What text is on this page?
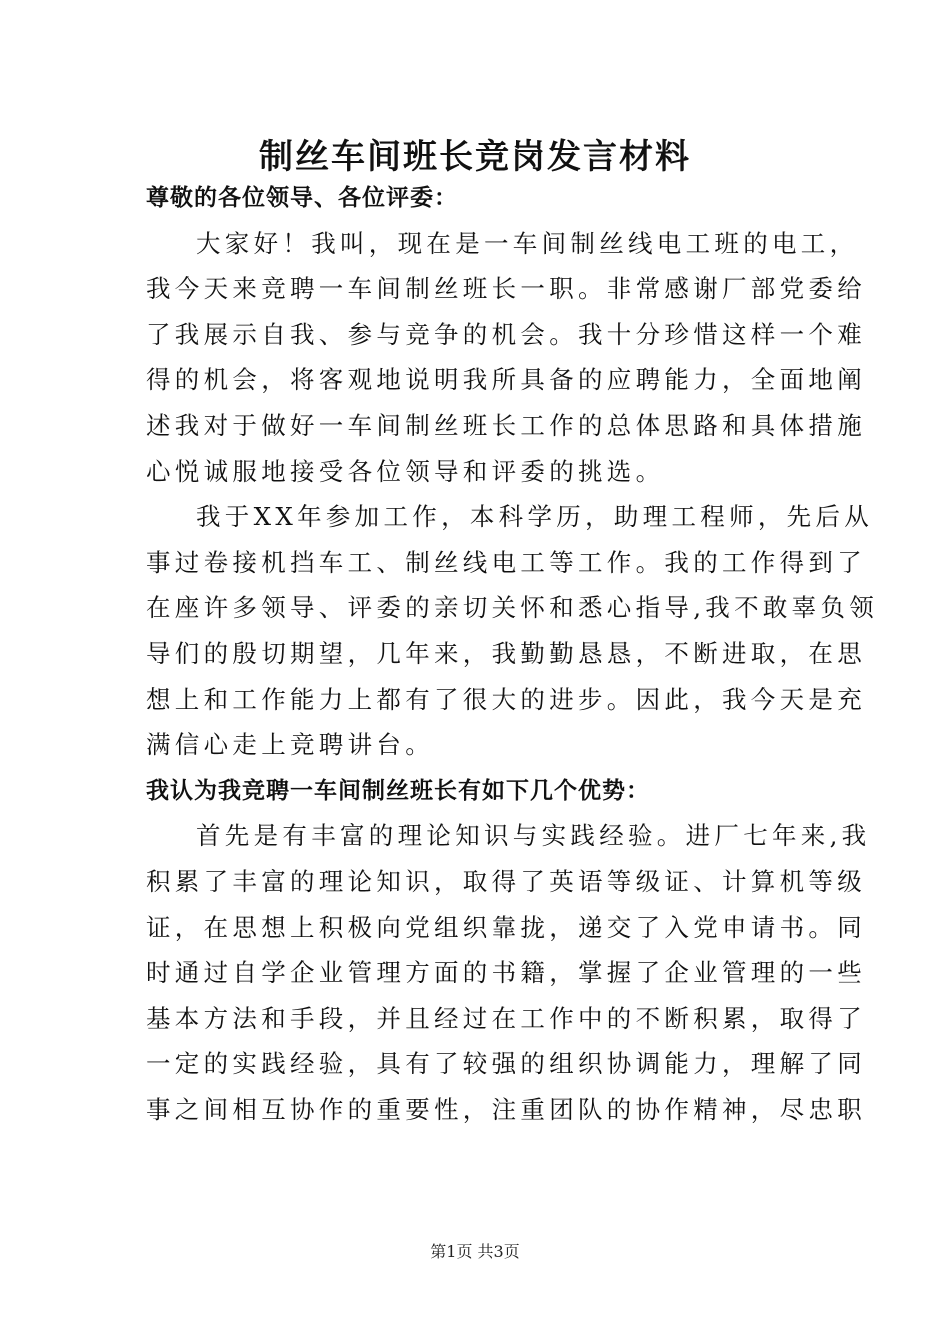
制丝车间班长竞岗发言材料
尊敬的各位领导、各位评委：
大家好！我叫，现在是一车间制丝线电工班的电工，
我今天来竞聘一车间制丝班长一职。非常感谢厂部党委给
了我展示自我、参与竞争的机会。我十分珍惜这样一个难
得的机会，将客观地说明我所具备的应聘能力，全面地阐
述我对于做好一车间制丝班长工作的总体思路和具体措施
心悦诚服地接受各位领导和评委的挑选。
我于XX年参加工作，本科学历，助理工程师，先后从
事过卷接机挡车工、制丝线电工等工作。我的工作得到了
在座许多领导、评委的亲切关怀和悉心指导,我不敢辜负领
导们的殷切期望，几年来，我勤勤恳恳，不断进取，在思
想上和工作能力上都有了很大的进步。因此，我今天是充
满信心走上竞聘讲台。
我认为我竞聘一车间制丝班长有如下几个优势：
首先是有丰富的理论知识与实践经验。进厂七年来,我
积累了丰富的理论知识，取得了英语等级证、计算机等级
证，在思想上积极向党组织靠拢，递交了入党申请书。同
时通过自学企业管理方面的书籍，掌握了企业管理的一些
基本方法和手段，并且经过在工作中的不断积累，取得了
一定的实践经验，具有了较强的组织协调能力，理解了同
事之间相互协作的重要性，注重团队的协作精神，尽忠职
第1页 共3页
